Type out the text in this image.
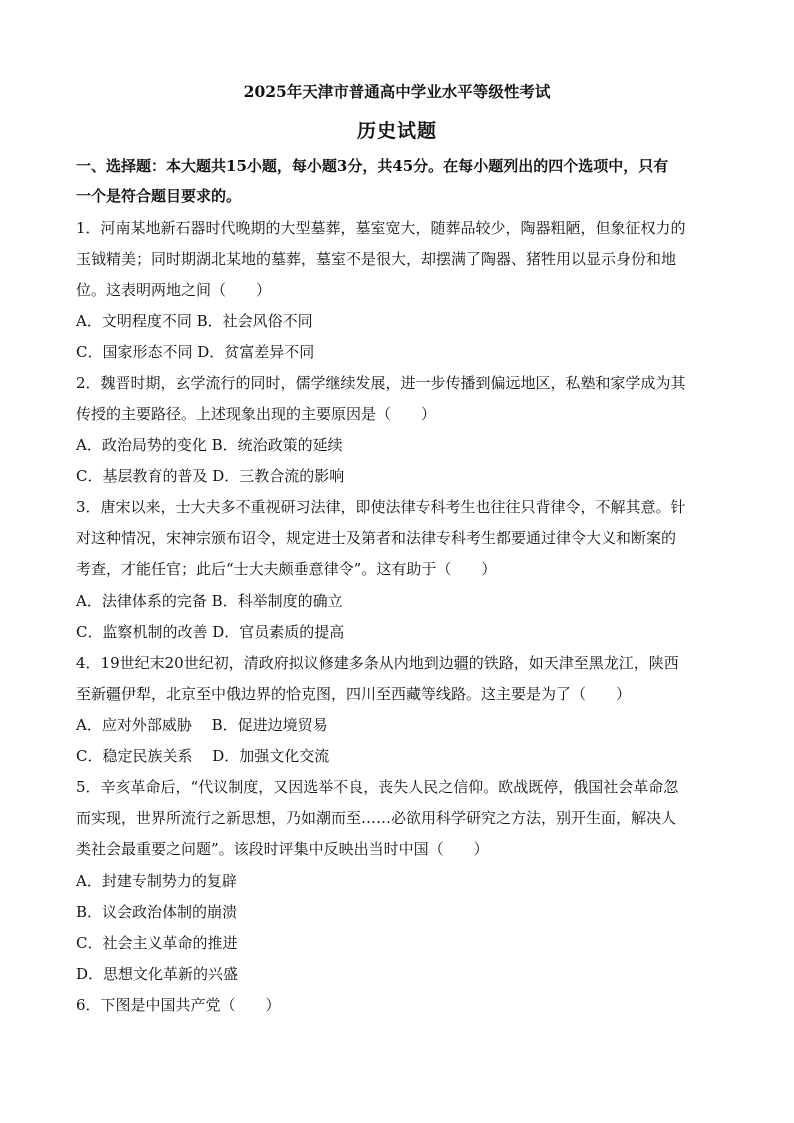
2025年天津市普通高中学业水平等级性考试
历史试题
一、选择题：本大题共15小题，每小题3分，共45分。在每小题列出的四个选项中，只有
一个是符合题目要求的。
1．河南某地新石器时代晚期的大型墓葬，墓室宽大，随葬品较少，陶器粗陋，但象征权力的
玉钺精美；同时期湖北某地的墓葬，墓室不是很大，却摆满了陶器、猪牲用以显示身份和地
位。这表明两地之间（　　）
A．文明程度不同 B．社会风俗不同
C．国家形态不同 D．贫富差异不同
2．魏晋时期，玄学流行的同时，儒学继续发展，进一步传播到偏远地区，私塾和家学成为其
传授的主要路径。上述现象出现的主要原因是（　　）
A．政治局势的变化 B．统治政策的延续
C．基层教育的普及 D．三教合流的影响
3．唐宋以来，士大夫多不重视研习法律，即使法律专科考生也往往只背律令，不解其意。针
对这种情况，宋神宗颁布诏令，规定进士及第者和法律专科考生都要通过律令大义和断案的
考查，才能任官；此后“士大夫颇垂意律令”。这有助于（　　）
A．法律体系的完备 B．科举制度的确立
C．监察机制的改善 D．官员素质的提高
4．19世纪末20世纪初，清政府拟议修建多条从内地到边疆的铁路，如天津至黑龙江，陕西
至新疆伊犁，北京至中俄边界的恰克图，四川至西藏等线路。这主要是为了（　　）
A．应对外部威胁　 B．促进边境贸易
C．稳定民族关系　 D．加强文化交流
5．辛亥革命后，“代议制度，又因选举不良，丧失人民之信仰。欧战既停，俄国社会革命忽
而实现，世界所流行之新思想，乃如潮而至……必欲用科学研究之方法，别开生面，解决人
类社会最重要之问题”。该段时评集中反映出当时中国（　　）
A．封建专制势力的复辟
B．议会政治体制的崩溃
C．社会主义革命的推进
D．思想文化革新的兴盛
6．下图是中国共产党（　　）
